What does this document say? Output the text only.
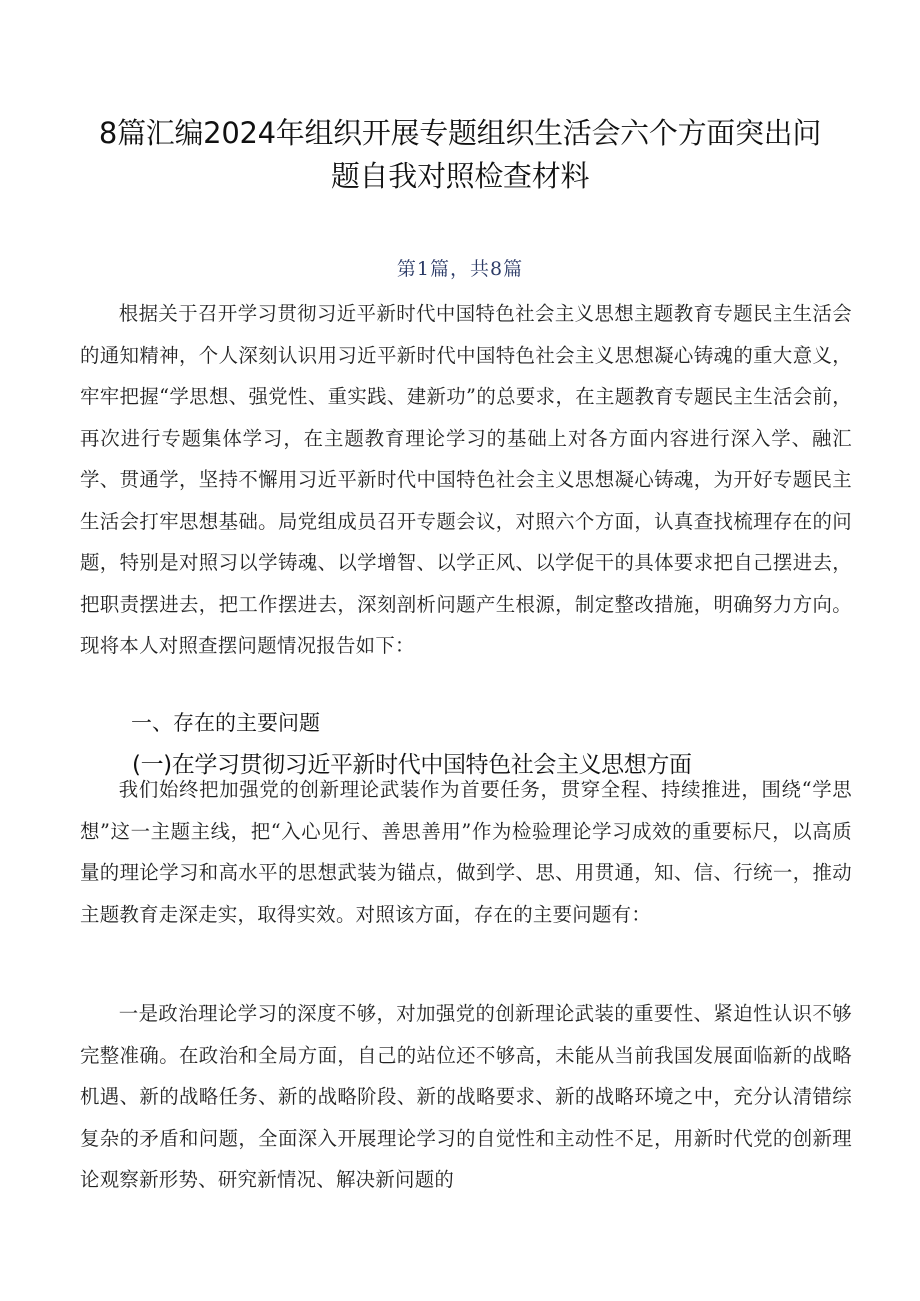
8篇汇编2024年组织开展专题组织生活会六个方面突出问
题自我对照检查材料
第1篇，共8篇

根据关于召开学习贯彻习近平新时代中国特色社会主义思想主题教育专题民主生活会的通知精神，个人深刻认识用习近平新时代中国特色社会主义思想凝心铸魂的重大意义，牢牢把握“学思想、强党性、重实践、建新功”的总要求，在主题教育专题民主生活会前，再次进行专题集体学习，在主题教育理论学习的基础上对各方面内容进行深入学、融汇学、贯通学，坚持不懈用习近平新时代中国特色社会主义思想凝心铸魂，为开好专题民主生活会打牢思想基础。局党组成员召开专题会议，对照六个方面，认真查找梳理存在的问题，特别是对照习以学铸魂、以学增智、以学正风、以学促干的具体要求把自己摆进去，把职责摆进去，把工作摆进去，深刻剖析问题产生根源，制定整改措施，明确努力方向。现将本人对照查摆问题情况报告如下：

一、存在的主要问题
(一)在学习贯彻习近平新时代中国特色社会主义思想方面

我们始终把加强党的创新理论武装作为首要任务，贯穿全程、持续推进，围绕“学思想”这一主题主线，把“入心见行、善思善用”作为检验理论学习成效的重要标尺，以高质量的理论学习和高水平的思想武装为锚点，做到学、思、用贯通，知、信、行统一，推动主题教育走深走实，取得实效。对照该方面，存在的主要问题有：

一是政治理论学习的深度不够，对加强党的创新理论武装的重要性、紧迫性认识不够完整准确。在政治和全局方面，自己的站位还不够高，未能从当前我国发展面临新的战略机遇、新的战略任务、新的战略阶段、新的战略要求、新的战略环境之中，充分认清错综复杂的矛盾和问题，全面深入开展理论学习的自觉性和主动性不足，用新时代党的创新理论观察新形势、研究新情况、解决新问题的
